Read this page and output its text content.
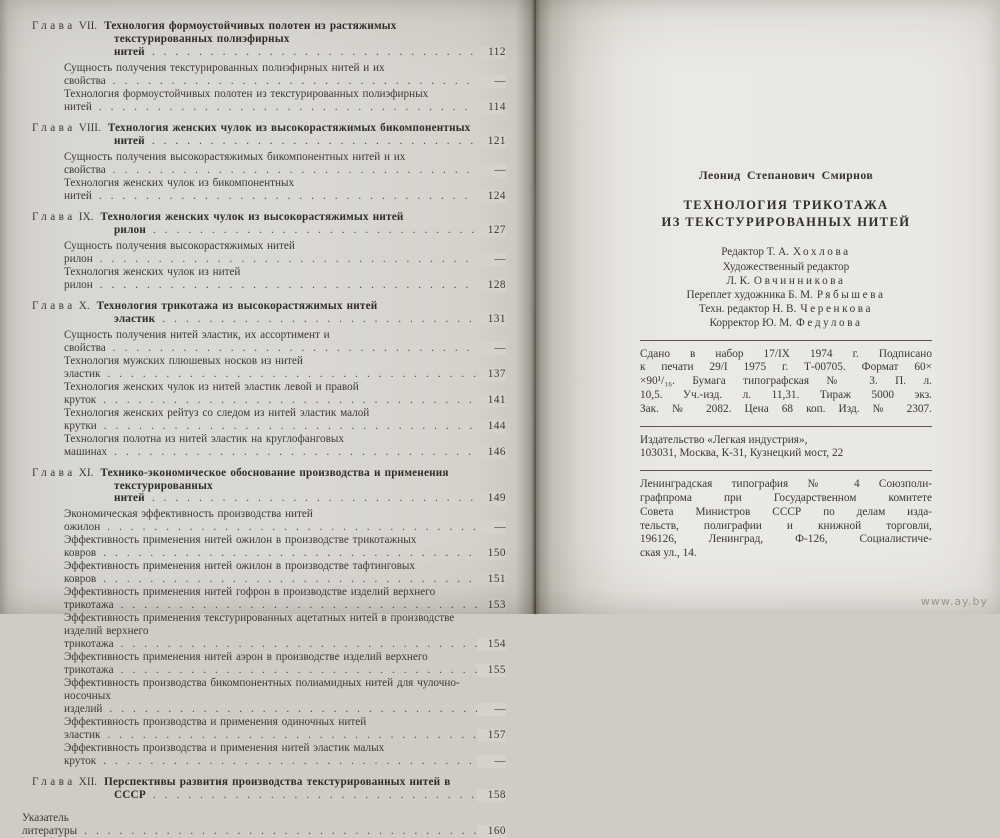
Глава VII. Технология формоустойчивых полотен из растяжимых текстурированных полиэфирных нитей .....	112
Сущность получения текстурированных полиэфирных нитей и их свойства .....	—
Технология формоустойчивых полотен из текстурированных полиэфирных нитей .....	114
Глава VIII. Технология женских чулок из высокорастяжимых бикомпонентных нитей .....	121
Сущность получения высокорастяжимых бикомпонентных нитей и их свойства .....	—
Технология женских чулок из бикомпонентных нитей .....	124
Глава IX. Технология женских чулок из высокорастяжимых нитей рилон .....	127
Сущность получения высокорастяжимых нитей рилон .....	—
Технология женских чулок из нитей рилон .....	128
Глава X. Технология трикотажа из высокорастяжимых нитей эластик .....	131
Сущность получения нитей эластик, их ассортимент и свойства .....	—
Технология мужских плюшевых носков из нитей эластик .....	137
Технология женских чулок из нитей эластик левой и правой круток .....	141
Технология женских рейтуз со следом из нитей эластик малой крутки .....	144
Технология полотна из нитей эластик на круглофанговых машинах .....	146
Глава XI. Технико-экономическое обоснование производства и применения текстурированных нитей .....	149
Экономическая эффективность производства нитей ожилон .....	—
Эффективность применения нитей ожилон в производстве трикотажных ковров .....	150
Эффективность применения нитей ожилон в производстве тафтинговых ковров .....	151
Эффективность применения нитей гофрон в производстве изделий верхнего трикотажа .....	153
Эффективность применения текстурированных ацетатных нитей в производстве изделий верхнего трикотажа .....	154
Эффективность применения нитей аэрон в производстве изделий верхнего трикотажа .....	155
Эффективность производства бикомпонентных полиамидных нитей для чулочно-носочных изделий .....	—
Эффективность производства и применения одиночных нитей эластик .....	157
Эффективность производства и применения нитей эластик малых круток .....	—
Глава XII. Перспективы развития производства текстурированных нитей в СССР .....	158
Указатель литературы .....	160
Леонид Степанович Смирнов
ТЕХНОЛОГИЯ ТРИКОТАЖА
ИЗ ТЕКСТУРИРОВАННЫХ НИТЕЙ
Редактор Т. А. Хохлова
Художественный редактор
Л. К. Овчинникова
Переплет художника Б. М. Рябышева
Техн. редактор Н. В. Черенкова
Корректор Ю. М. Федулова
Сдано в набор 17/IX 1974 г. Подписано
к печати 29/I 1975 г. Т-00705. Формат 60×
×90¹/₁₆. Бумага типографская № 3. П. л.
10,5. Уч.-изд. л. 11,31. Тираж 5000 экз.
Зак. № 2082. Цена 68 коп. Изд. № 2307.
Издательство «Легкая индустрия»,
103031, Москва, К-31, Кузнецкий мост, 22
Ленинградская типография № 4 Союзполи-
графпрома при Государственном комитете
Совета Министров СССР по делам изда-
тельств, полиграфии и книжной торговли,
196126, Ленинград, Ф-126, Социалистиче-
ская ул., 14.
www.ay.by
